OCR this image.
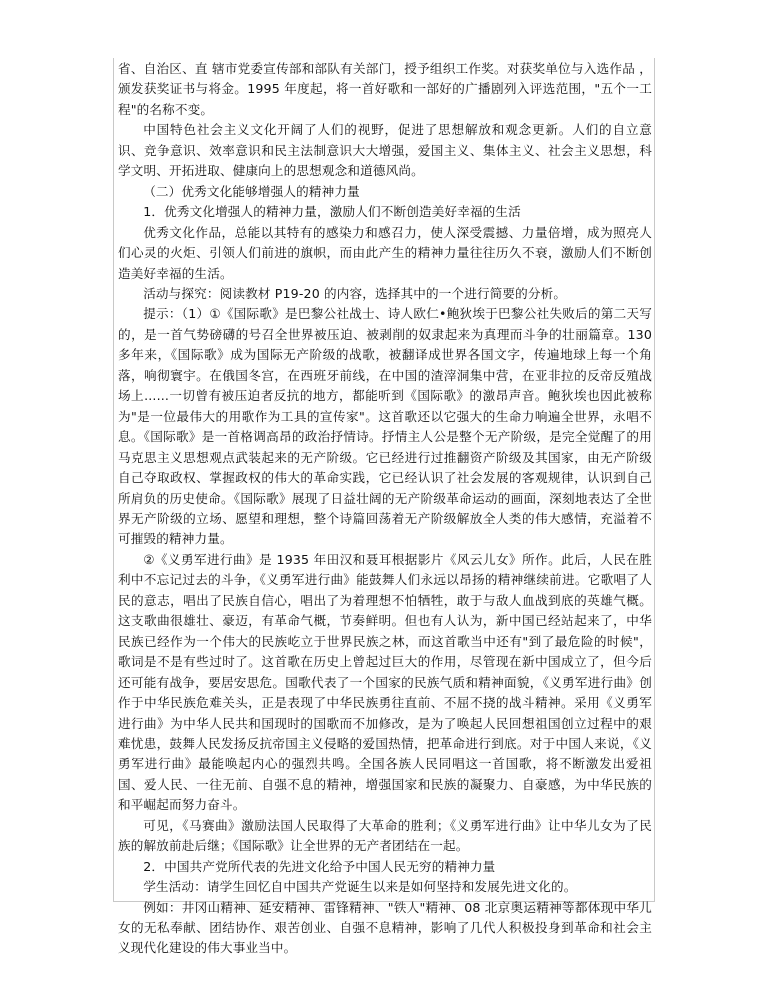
省、自治区、直 辖市党委宣传部和部队有关部门，授予组织工作奖。对获奖单位与入选作品 ，颁发获奖证书与将金。1995 年度起，将一首好歌和一部好的广播剧列入评选范围，"五个一工程"的名称不变。

中国特色社会主义文化开阔了人们的视野，促进了思想解放和观念更新。人们的自立意识、竞争意识、效率意识和民主法制意识大大增强，爱国主义、集体主义、社会主义思想，科学文明、开拓进取、健康向上的思想观念和道德风尚。

（二）优秀文化能够增强人的精神力量

1．优秀文化增强人的精神力量，激励人们不断创造美好幸福的生活

优秀文化作品，总能以其特有的感染力和感召力，使人深受震撼、力量倍增，成为照亮人们心灵的火炬、引领人们前进的旗帜，而由此产生的精神力量往往历久不衰，激励人们不断创造美好幸福的生活。

活动与探究：阅读教材 P19-20 的内容，选择其中的一个进行简要的分析。

提示：（1）①《国际歌》是巴黎公社战士、诗人欧仁•鲍狄埃于巴黎公社失败后的第二天写的，是一首气势磅礴的号召全世界被压迫、被剥削的奴隶起来为真理而斗争的壮丽篇章。130 多年来，《国际歌》成为国际无产阶级的战歌，被翻译成世界各国文字，传遍地球上每一个角落，响彻寰宇。在俄国冬宫，在西班牙前线，在中国的渣滓洞集中营，在亚非拉的反帝反殖战场上......一切曾有被压迫者反抗的地方，都能听到《国际歌》的激昂声音。鲍狄埃也因此被称为"是一位最伟大的用歌作为工具的宣传家"。这首歌还以它强大的生命力响遍全世界，永唱不息。《国际歌》是一首格调高昂的政治抒情诗。抒情主人公是整个无产阶级，是完全觉醒了的用马克思主义思想观点武装起来的无产阶级。它已经进行过推翻资产阶级及其国家，由无产阶级自己夺取政权、掌握政权的伟大的革命实践，它已经认识了社会发展的客观规律，认识到自己所肩负的历史使命。《国际歌》展现了日益壮阔的无产阶级革命运动的画面，深刻地表达了全世界无产阶级的立场、愿望和理想，整个诗篇回荡着无产阶级解放全人类的伟大感情，充溢着不可摧毁的精神力量。

②《义勇军进行曲》是 1935 年田汉和聂耳根据影片《风云儿女》所作。此后，人民在胜利中不忘记过去的斗争，《义勇军进行曲》能鼓舞人们永远以昂扬的精神继续前进。它歌唱了人民的意志，唱出了民族自信心，唱出了为着理想不怕牺牲，敢于与敌人血战到底的英雄气概。这支歌曲很雄壮、豪迈，有革命气概，节奏鲜明。但也有人认为，新中国已经站起来了，中华民族已经作为一个伟大的民族屹立于世界民族之林，而这首歌当中还有"到了最危险的时候"，歌词是不是有些过时了。这首歌在历史上曾起过巨大的作用，尽管现在新中国成立了，但今后还可能有战争，要居安思危。国歌代表了一个国家的民族气质和精神面貌，《义勇军进行曲》创作于中华民族危难关头，正是表现了中华民族勇往直前、不屈不挠的战斗精神。采用《义勇军进行曲》为中华人民共和国现时的国歌而不加修改，是为了唤起人民回想祖国创立过程中的艰难忧患，鼓舞人民发扬反抗帝国主义侵略的爱国热情，把革命进行到底。对于中国人来说，《义勇军进行曲》最能唤起内心的强烈共鸣。全国各族人民同唱这一首国歌，将不断激发出爱祖国、爱人民、一往无前、自强不息的精神，增强国家和民族的凝聚力、自豪感，为中华民族的和平崛起而努力奋斗。

可见，《马赛曲》激励法国人民取得了大革命的胜利；《义勇军进行曲》让中华儿女为了民族的解放前赴后继；《国际歌》让全世界的无产者团结在一起。

2．中国共产党所代表的先进文化给予中国人民无穷的精神力量

学生活动：请学生回忆自中国共产党诞生以来是如何坚持和发展先进文化的。

例如：井冈山精神、延安精神、雷锋精神、"铁人"精神、08 北京奥运精神等都体现中华儿女的无私奉献、团结协作、艰苦创业、自强不息精神，影响了几代人积极投身到革命和社会主义现代化建设的伟大事业当中。
